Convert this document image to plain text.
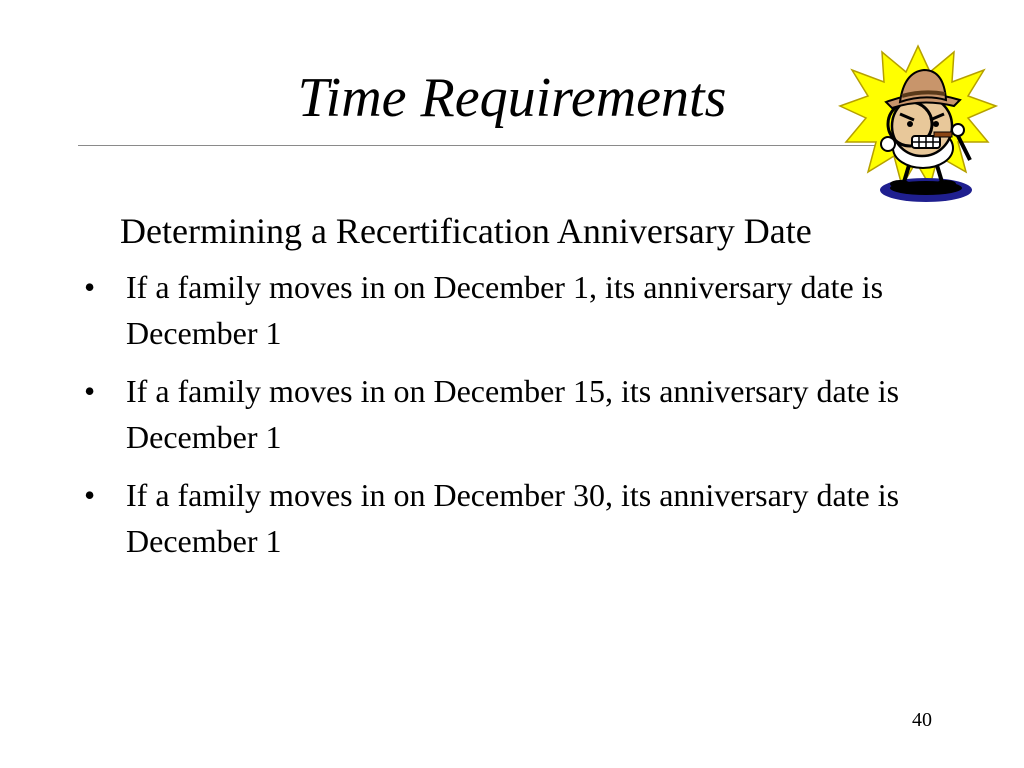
Time Requirements

Determining a Recertification Anniversary Date

• If a family moves in on December 1, its anniversary date is December 1
• If a family moves in on December 15, its anniversary date is December 1
• If a family moves in on December 30, its anniversary date is December 1
40
